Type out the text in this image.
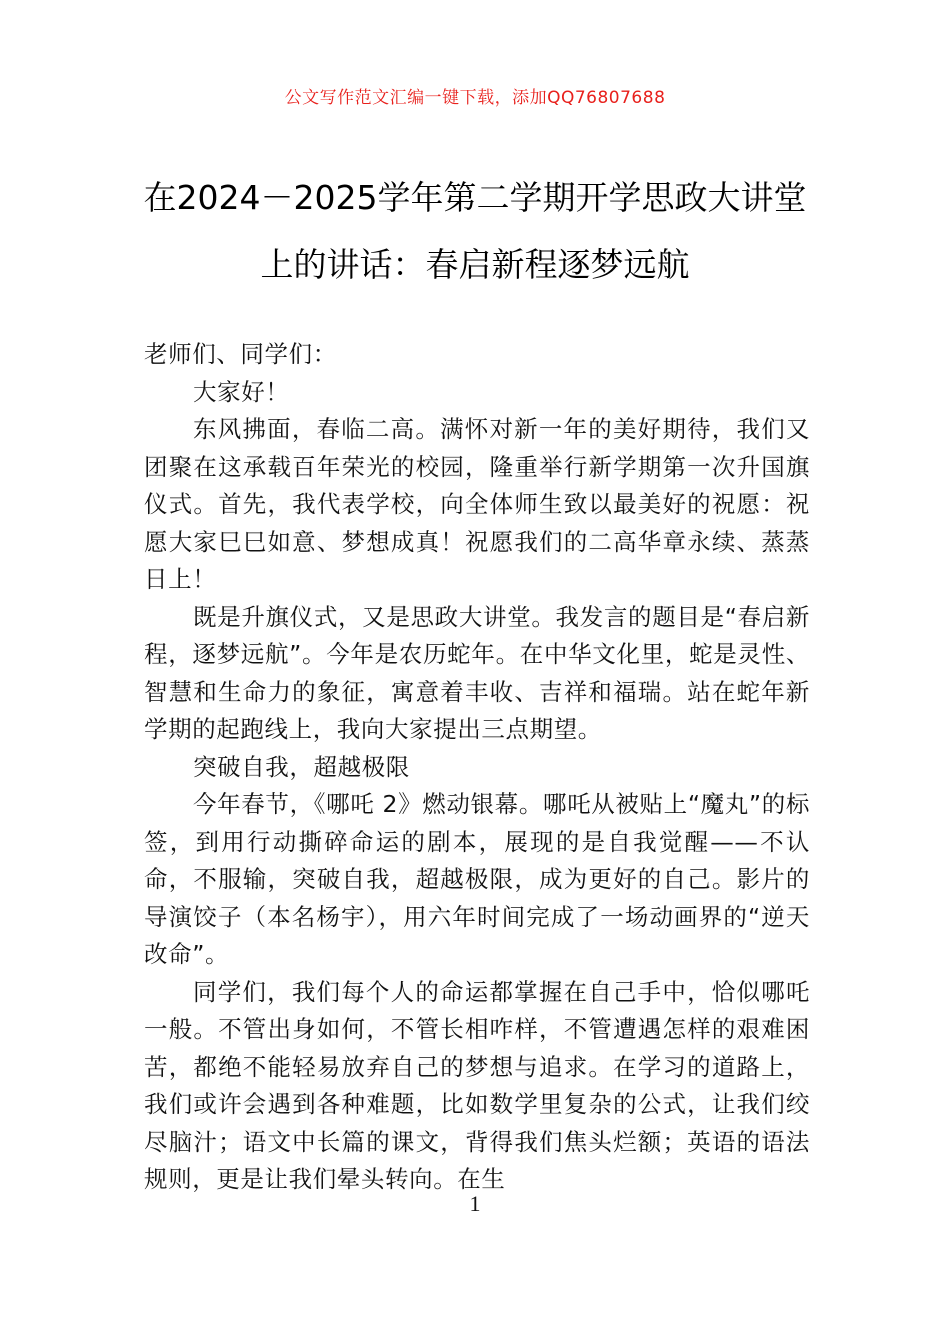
公文写作范文汇编一键下载，添加QQ76807688
在2024－2025学年第二学期开学思政大讲堂上的讲话：春启新程逐梦远航

老师们、同学们：

大家好！

东风拂面，春临二高。满怀对新一年的美好期待，我们又团聚在这承载百年荣光的校园，隆重举行新学期第一次升国旗仪式。首先，我代表学校，向全体师生致以最美好的祝愿：祝愿大家巳巳如意、梦想成真！祝愿我们的二高华章永续、蒸蒸日上！

既是升旗仪式，又是思政大讲堂。我发言的题目是“春启新程，逐梦远航”。今年是农历蛇年。在中华文化里，蛇是灵性、智慧和生命力的象征，寓意着丰收、吉祥和福瑞。站在蛇年新学期的起跑线上，我向大家提出三点期望。

突破自我，超越极限

今年春节，《哪吒 2》燃动银幕。哪吒从被贴上“魔丸”的标签，到用行动撕碎命运的剧本，展现的是自我觉醒——不认命，不服输，突破自我，超越极限，成为更好的自己。影片的导演饺子（本名杨宇），用六年时间完成了一场动画界的“逆天改命”。

同学们，我们每个人的命运都掌握在自己手中，恰似哪吒一般。不管出身如何，不管长相咋样，不管遭遇怎样的艰难困苦，都绝不能轻易放弃自己的梦想与追求。在学习的道路上，我们或许会遇到各种难题，比如数学里复杂的公式，让我们绞尽脑汁；语文中长篇的课文，背得我们焦头烂额；英语的语法规则，更是让我们晕头转向。在生

1
